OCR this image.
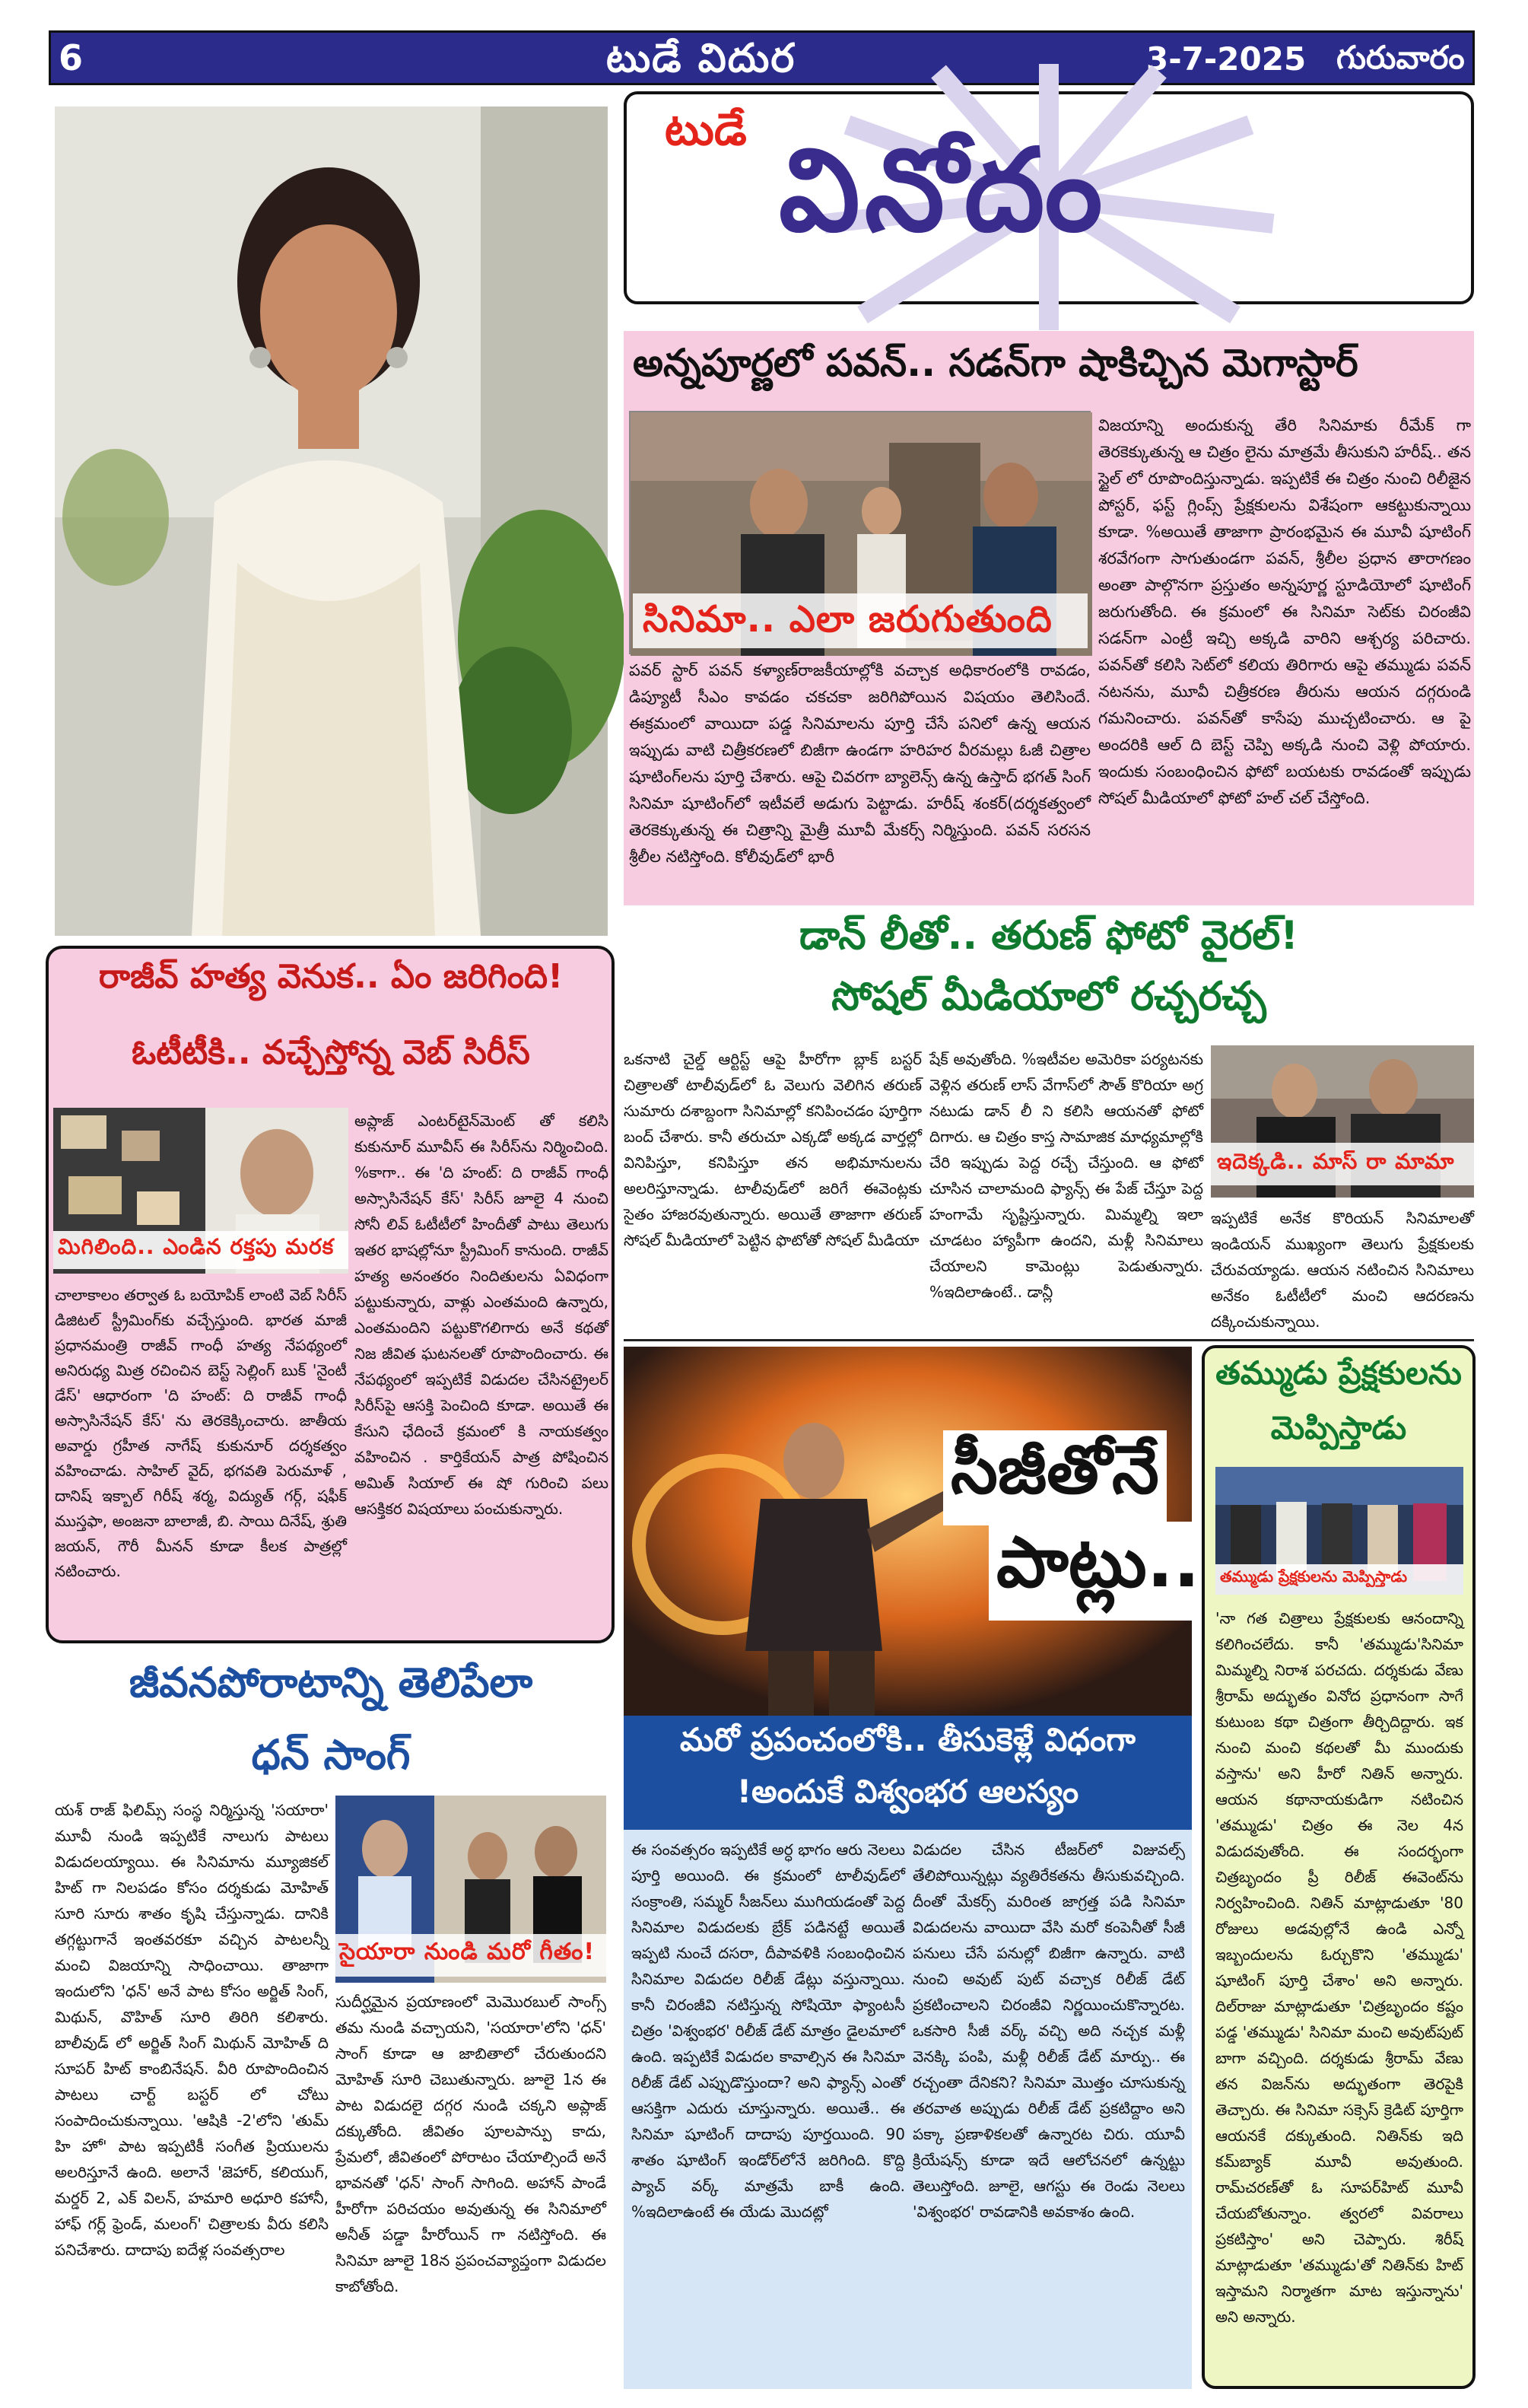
6	టుడే విదుర	3-7-2025 గురువారం
టుడే వినోదం
అన్నపూర్ణలో పవన్.. సడన్‌గా షాకిచ్చిన మెగాస్టార్
సినిమా.. ఎలా జరుగుతుంది
పవర్ స్టార్ పవన్ కళ్యాణ్‌రాజకీయాల్లోకి వచ్చాక అధికారంలోకి రావడం, డిప్యూటీ సీఎం కావడం చకచకా జరిగిపోయిన విషయం తెలిసిందే. ఈక్రమంలో వాయిదా పడ్డ సినిమాలను పూర్తి చేసే పనిలో ఉన్న ఆయన ఇప్పుడు వాటి చిత్రీకరణలో బిజీగా ఉండగా హరిహర వీరమల్లు ఓజీ చిత్రాల షూటింగ్‌లను పూర్తి చేశారు. ఆపై చివరగా బ్యాలెన్స్ ఉన్న ఉస్తాద్ భగత్ సింగ్ సినిమా షూటింగ్‌లో ఇటీవలే అడుగు పెట్టాడు. హరీష్ శంకర్(దర్శకత్వంలో తెరకెక్కుతున్న ఈ చిత్రాన్ని మైత్రీ మూవీ మేకర్స్ నిర్మిస్తుంది. పవన్ సరసన శ్రీలీల నటిస్తోంది. కోలీవుడ్‌లో భారీ
విజయాన్ని అందుకున్న తేరి సినిమాకు రీమేక్ గా తెరకెక్కుతున్న ఆ చిత్రం లైను మాత్రమే తీసుకుని హరీష్.. తన స్టైల్ లో రూపొందిస్తున్నాడు. ఇప్పటికే ఈ చిత్రం నుంచి రిలీజైన పోస్టర్, ఫస్ట్ గ్లింప్స్ ప్రేక్షకులను విశేషంగా ఆకట్టుకున్నాయి కూడా. %అయితే తాజాగా ప్రారంభమైన ఈ మూవీ షూటింగ్ శరవేగంగా సాగుతుండగా పవన్, శ్రీలీల ప్రధాన తారాగణం అంతా పాల్గొనగా ప్రస్తుతం అన్నపూర్ణ స్టూడియోలో షూటింగ్ జరుగుతోంది. ఈ క్రమంలో ఈ సినిమా సెట్‌కు చిరంజీవి సడన్‌గా ఎంట్రీ ఇచ్చి అక్కడి వారిని ఆశ్చర్య పరిచారు. పవన్‌తో కలిసి సెట్‌లో కలియ తిరిగారు ఆపై తమ్ముడు పవన్ నటనను, మూవీ చిత్రీకరణ తీరును ఆయన దగ్గరుండి గమనించారు. పవన్‌తో కాసేపు ముచ్చటించారు. ఆ పై అందరికి ఆల్ ది బెస్ట్ చెప్పి అక్కడి నుంచి వెళ్లి పోయారు. ఇందుకు సంబంధించిన ఫోటో బయటకు రావడంతో ఇప్పుడు సోషల్ మీడియాలో ఫోటో హల్ చల్ చేస్తోంది.
రాజీవ్ హత్య వెనుక.. ఏం జరిగింది!
ఓటీటీకి.. వచ్చేస్తోన్న వెబ్ సిరీస్
మిగిలింది.. ఎండిన రక్తపు మరక
అప్లాజ్ ఎంటర్‌టైన్‌మెంట్ తో కలిసి కుకునూర్ మూవీస్ ఈ సిరీస్‌ను నిర్మించింది. %కాగా.. ఈ 'ది హంట్: ది రాజీవ్ గాంధీ అస్సాసినేషన్ కేస్' సిరీస్ జూలై 4 నుంచి సోనీ లివ్ ఓటీటీలో హిందీతో పాటు తెలుగు ఇతర భాషల్లోనూ స్ట్రీమింగ్ కానుంది. రాజీవ్ హత్య అనంతరం నిందితులను ఏవిధంగా పట్టుకున్నారు, వాళ్లు ఎంతమంది ఉన్నారు, ఎంతమందిని పట్టుకొగలిగారు అనే కథతో నిజ జీవిత ఘటనలతో రూపొందించారు. ఈ నేపథ్యంలో ఇప్పటికే విడుదల చేసినట్రైలర్ సిరీస్‌పై ఆసక్తి పెంచింది కూడా. అయితే ఈ కేసుని ఛేదించే క్రమంలో కి నాయకత్వం వహించిన . కార్తికేయన్ పాత్ర పోషించిన అమిత్ సియాల్ ఈ షో గురించి పలు ఆసక్తికర విషయాలు పంచుకున్నారు.
చాలాకాలం తర్వాత ఓ బయోపిక్ లాంటి వెబ్ సిరీస్ డిజిటల్ స్ట్రీమింగ్‌కు వచ్చేస్తుంది. భారత మాజీ ప్రధానమంత్రి రాజీవ్ గాంధీ హత్య నేపథ్యంలో అనిరుధ్య మిత్ర రచించిన బెస్ట్ సెల్లింగ్ బుక్ 'నైంటీ డేస్' ఆధారంగా 'ది హంట్: ది రాజీవ్ గాంధీ అస్సాసినేషన్ కేస్' ను తెరకెక్కించారు. జాతీయ అవార్డు గ్రహీత నాగేష్ కుకునూర్ దర్శకత్వం వహించాడు. సాహిల్ వైద్, భగవతి పెరుమాళ్ , దానిష్ ఇక్బాల్ గిరీష్ శర్మ, విద్యుత్ గర్గ్, షఫీక్ ముస్తఫా, అంజనా బాలాజీ, బి. సాయి దినేష్, శ్రుతి జయన్, గౌరీ మీనన్ కూడా కీలక పాత్రల్లో నటించారు.
జీవనపోరాటాన్ని తెలిపేలా
ధన్ సాంగ్
సైయారా నుండి మరో గీతం!
యశ్ రాజ్ ఫిలిమ్స్ సంస్థ నిర్మిస్తున్న 'సయారా' మూవీ నుండి ఇప్పటికే నాలుగు పాటలు విడుదలయ్యాయి. ఈ సినిమాను మ్యూజికల్ హిట్ గా నిలపడం కోసం దర్శకుడు మోహిత్ సూరి సూరు శాతం కృషి చేస్తున్నాడు. దానికి తగ్గట్టుగానే ఇంతవరకూ వచ్చిన పాటలన్నీ మంచి విజయాన్ని సాధించాయి. తాజాగా ఇందులోని 'ధన్' అనే పాట కోసం అర్జిత్ సింగ్, మిథున్, వొహిత్ సూరి తిరిగి కలిశారు. బాలీవుడ్ లో అర్జిత్ సింగ్ మిథున్ మోహిత్ ది సూపర్ హిట్ కాంబినేషన్. వీరి రూపొందించిన పాటలు చార్ట్ బస్టర్ లో చోటు సంపాదించుకున్నాయి. 'ఆషికి -2'లోని 'తుమ్ హి హో' పాట ఇప్పటికీ సంగీత ప్రియులను అలరిస్తూనే ఉంది. అలానే 'జెహార్, కలియుగ్, మర్డర్ 2, ఎక్ విలన్, హమారి అధూరి కహానీ, హాఫ్ గర్ల్ ఫ్రెండ్, మలంగ్' చిత్రాలకు వీరు కలిసి పనిచేశారు. దాదాపు ఐదేళ్ల సంవత్సరాల
సుదీర్ఘమైన ప్రయాణంలో మెమొరబుల్ సాంగ్స్ తమ నుండి వచ్చాయని, 'సయారా'లోని 'ధన్' సాంగ్ కూడా ఆ జాబితాలో చేరుతుందని మోహిత్ సూరి చెబుతున్నారు. జూలై 1న ఈ పాట విడుదలై దగ్గర నుండి చక్కని అప్లాజ్ దక్కుతోంది. జీవితం పూలపాన్పు కాదు, ప్రేమలో, జీవితంలో పోరాటం చేయాల్సిందే అనే భావనతో 'ధన్' సాంగ్ సాగింది. అహాన్ పాండే హీరోగా పరిచయం అవుతున్న ఈ సినిమాలో అనీత్ పడ్డా హీరోయిన్ గా నటిస్తోంది. ఈ సినిమా జూలై 18న ప్రపంచవ్యాప్తంగా విడుదల కాబోతోంది.
డాన్ లీతో.. తరుణ్ ఫోటో వైరల్!
సోషల్ మీడియాలో రచ్చరచ్చ
ఒకనాటి చైల్డ్ ఆర్టిస్ట్ ఆపై హీరోగా బ్లాక్ బస్టర్ చిత్రాలతో టాలీవుడ్‌లో ఓ వెలుగు వెలిగిన తరుణ్ సుమారు దశాబ్దంగా సినిమాల్లో కనిపించడం పూర్తిగా బంద్ చేశారు. కానీ తరుచూ ఎక్కడో అక్కడ వార్తల్లో వినిపిస్తూ, కనిపిస్తూ తన అభిమానులను అలరిస్తూన్నాడు. టాలీవుడ్‌లో జరిగే ఈవెంట్లకు సైతం హాజరవుతున్నారు. అయితే తాజాగా తరుణ్ సోషల్ మీడియాలో పెట్టిన ఫొటోతో సోషల్ మీడియా
షేక్ అవుతోంది. %ఇటీవల అమెరికా పర్యటనకు వెళ్లిన తరుణ్ లాస్ వేగాస్‌లో సౌత్ కొరియా అగ్ర నటుడు డాన్ లీ ని కలిసి ఆయనతో ఫోటో దిగారు. ఆ చిత్రం కాస్త సామాజిక మాధ్యమాల్లోకి చేరి ఇప్పుడు పెద్ద రచ్చే చేస్తుంది. ఆ ఫోటో చూసిన చాలామంది ఫ్యాన్స్ ఈ పేజ్ చేస్తూ పెద్ద హంగామే సృష్టిస్తున్నారు. మిమ్మల్ని ఇలా చూడటం హ్యాపీగా ఉందని, మళ్లీ సినిమాలు చేయాలని కామెంట్లు పెడుతున్నారు. %ఇదిలాఉంటే.. డాన్లీ
ఇదెక్కడి.. మాస్ రా మామా
ఇప్పటికే అనేక కొరియన్ సినిమాలతో ఇండియన్ ముఖ్యంగా తెలుగు ప్రేక్షకులకు చేరువయ్యాడు. ఆయన నటించిన సినిమాలు అనేకం ఓటీటీలో మంచి ఆదరణను దక్కించుకున్నాయి.
సీజీతోనే
పాట్లు..
మరో ప్రపంచంలోకి.. తీసుకెళ్లే విధంగా
!అందుకే విశ్వంభర ఆలస్యం
ఈ సంవత్సరం ఇప్పటికే అర్ధ భాగం ఆరు నెలలు పూర్తి అయింది. ఈ క్రమంలో టాలీవుడ్‌లో సంక్రాంతి, సమ్మర్ సీజన్‌లు ముగియడంతో పెద్ద సినిమాల విడుదలకు బ్రేక్ పడినట్టే అయితే ఇప్పటి నుంచే దసరా, దీపావళికి సంబంధించిన సినిమాల విడుదల రిలీజ్ డేట్లు వస్తున్నాయి. కానీ చిరంజీవి నటిస్తున్న సోషియో ఫ్యాంటసీ చిత్రం 'విశ్వంభర' రిలీజ్ డేట్ మాత్రం డైలమాలో ఉంది. ఇప్పటికే విడుదల కావాల్సిన ఈ సినిమా రిలీజ్ డేట్ ఎప్పుడొస్తుందా? అని ఫ్యాన్స్ ఎంతో ఆసక్తిగా ఎదురు చూస్తున్నారు. అయితే.. ఈ సినిమా షూటింగ్ దాదాపు పూర్తయింది. 90 శాతం షూటింగ్ ఇండోర్‌లోనే జరిగింది. కొద్ది ప్యాచ్ వర్క్ మాత్రమే బాకీ ఉంది. %ఇదిలాఉంటే ఈ యేడు మొదట్లో
విడుదల చేసిన టీజర్‌లో విజువల్స్ తేలిపోయిన్నట్లు వ్యతిరేకతను తీసుకువచ్చింది. దీంతో మేకర్స్ మరింత జాగ్రత్త పడి సినిమా విడుదలను వాయిదా వేసి మరో కంపెనీతో సీజీ పనులు చేసే పనుల్లో బిజీగా ఉన్నారు. వాటి నుంచి అవుట్ పుట్ వచ్చాక రిలీజ్ డేట్ ప్రకటించాలని చిరంజీవి నిర్ణయించుకొన్నారట. ఒకసారి సీజీ వర్క్ వచ్చి అది నచ్చక మళ్లీ వెనక్కి పంపి, మళ్లీ రిలీజ్ డేట్ మార్పు.. ఈ రచ్చంతా దేనికని? సినిమా మొత్తం చూసుకున్న తరవాత అప్పుడు రిలీజ్ డేట్ ప్రకటిద్దాం అని పక్కా ప్రణాళికలతో ఉన్నారట చిరు. యూవీ క్రియేషన్స్ కూడా ఇదే ఆలోచనలో ఉన్నట్టు తెలుస్తోంది. జూలై, ఆగస్టు ఈ రెండు నెలలు 'విశ్వంభర' రావడానికి అవకాశం ఉంది.
తమ్ముడు ప్రేక్షకులను
మెప్పిస్తాడు
తమ్ముడు ప్రేక్షకులను మెప్పిస్తాడు
'నా గత చిత్రాలు ప్రేక్షకులకు ఆనందాన్ని కలిగించలేదు. కానీ 'తమ్ముడు'సినిమా మిమ్మల్ని నిరాశ పరచదు. దర్శకుడు వేణు శ్రీరామ్ అద్భుతం వినోద ప్రధానంగా సాగే కుటుంబ కథా చిత్రంగా తీర్చిదిద్దారు. ఇక నుంచి మంచి కథలతో మీ ముందుకు వస్తాను' అని హీరో నితిన్ అన్నారు. ఆయన కథానాయకుడిగా నటించిన 'తమ్ముడు' చిత్రం ఈ నెల 4న విడుదవుతోంది. ఈ సందర్భంగా చిత్రబృందం ప్రీ రిలీజ్ ఈవెంట్‌ను నిర్వహించింది. నితిన్ మాట్లాడుతూ '80 రోజులు అడవుల్లోనే ఉండి ఎన్నో ఇబ్బందులను ఓర్చుకొని 'తమ్ముడు' షూటింగ్ పూర్తి చేశాం' అని అన్నారు. దిల్‌రాజు మాట్లాడుతూ 'చిత్రబృందం కష్టం పడ్డ 'తమ్ముడు' సినిమా మంచి అవుట్‌పుట్ బాగా వచ్చింది. దర్శకుడు శ్రీరామ్ వేణు తన విజన్‌ను అద్భుతంగా తెరపైకి తెచ్చారు. ఈ సినిమా సక్సెస్ క్రెడిట్ పూర్తిగా ఆయనకే దక్కుతుంది. నితిన్‌కు ఇది కమ్‌బ్యాక్ మూవీ అవుతుంది. రామ్‌చరణ్‌తో ఓ సూపర్‌హిట్ మూవీ చేయబోతున్నాం. త్వరలో వివరాలు ప్రకటిస్తాం' అని చెప్పారు. శిరీష్ మాట్లాడుతూ 'తమ్ముడు'తో నితిన్‌కు హిట్ ఇస్తామని నిర్మాతగా మాట ఇస్తున్నాను' అని అన్నారు.
